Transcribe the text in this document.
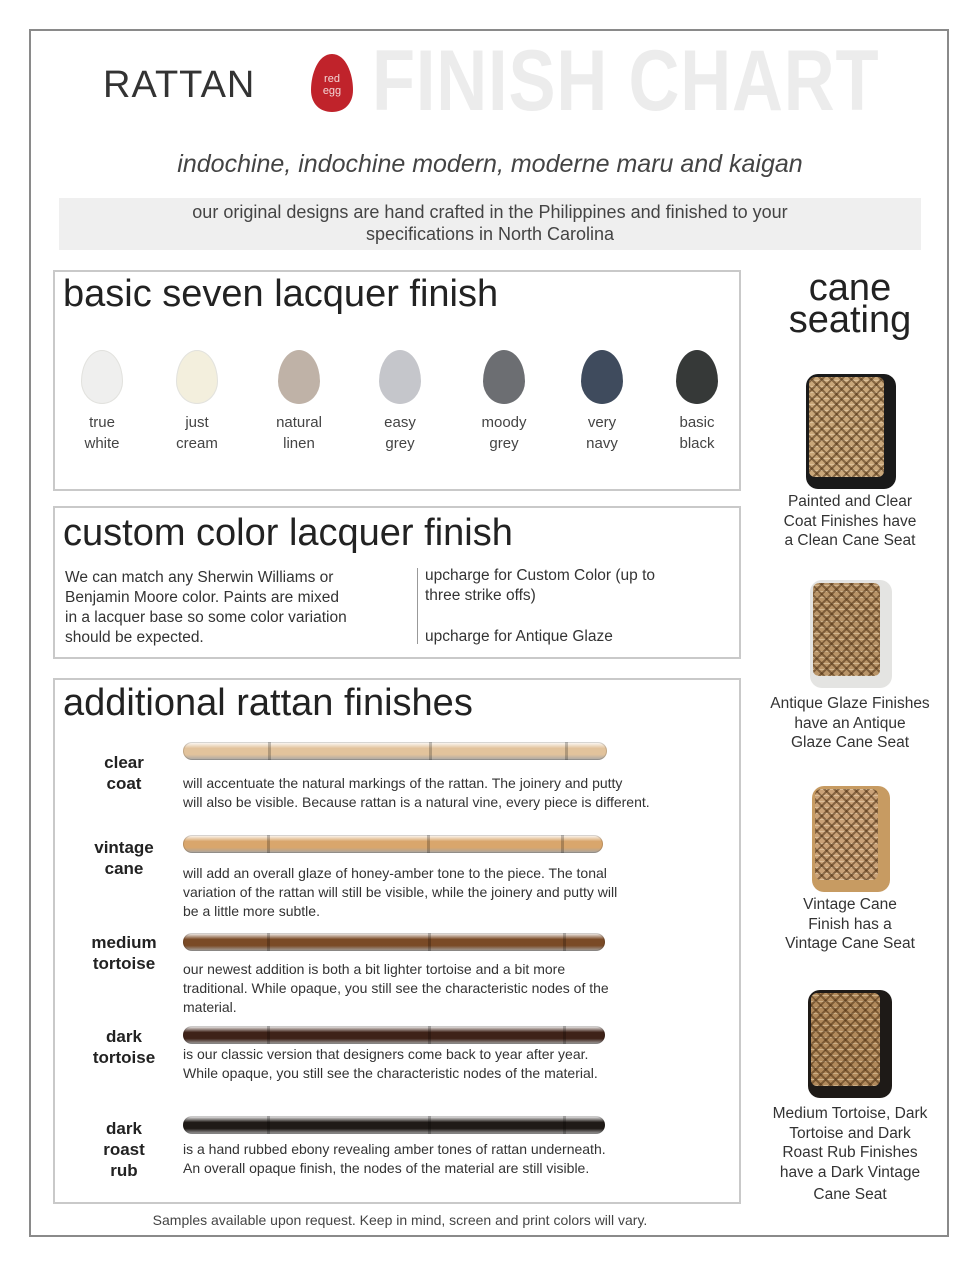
RATTAN	red
egg FINISH CHART
indochine, indochine modern, moderne maru and kaigan
our original designs are hand crafted in the Philippines and finished to your
specifications in North Carolina
basic seven lacquer finish
true
white
just
cream
natural
linen
easy
grey
moody
grey
very
navy
basic
black
custom color lacquer finish
We can match any Sherwin Williams or
Benjamin Moore color. Paints are mixed
in a lacquer base so some color variation
should be expected.
upcharge for Custom Color (up to
three strike offs)
upcharge for Antique Glaze
additional rattan finishes
clear
coat	will accentuate the natural markings of the rattan. The joinery and putty
will also be visible. Because rattan is a natural vine, every piece is different.
vintage
cane	will add an overall glaze of honey-amber tone to the piece. The tonal
variation of the rattan will still be visible, while the joinery and putty will
be a little more subtle.
medium
tortoise	our newest addition is both a bit lighter tortoise and a bit more
traditional. While opaque, you still see the characteristic nodes of the
material.
dark
tortoise	is our classic version that designers come back to year after year.
While opaque, you still see the characteristic nodes of the material.
dark
roast
rub
is a hand rubbed ebony revealing amber tones of rattan underneath.
An overall opaque finish, the nodes of the material are still visible.
cane
seating
Painted and Clear
Coat Finishes have
a Clean Cane Seat
Antique Glaze Finishes
have an Antique
Glaze Cane Seat
Vintage Cane
Finish has a
Vintage Cane Seat
Medium Tortoise, Dark
Tortoise and Dark
Roast Rub Finishes
have a Dark Vintage
Cane Seat
Samples available upon request. Keep in mind, screen and print colors will vary.
